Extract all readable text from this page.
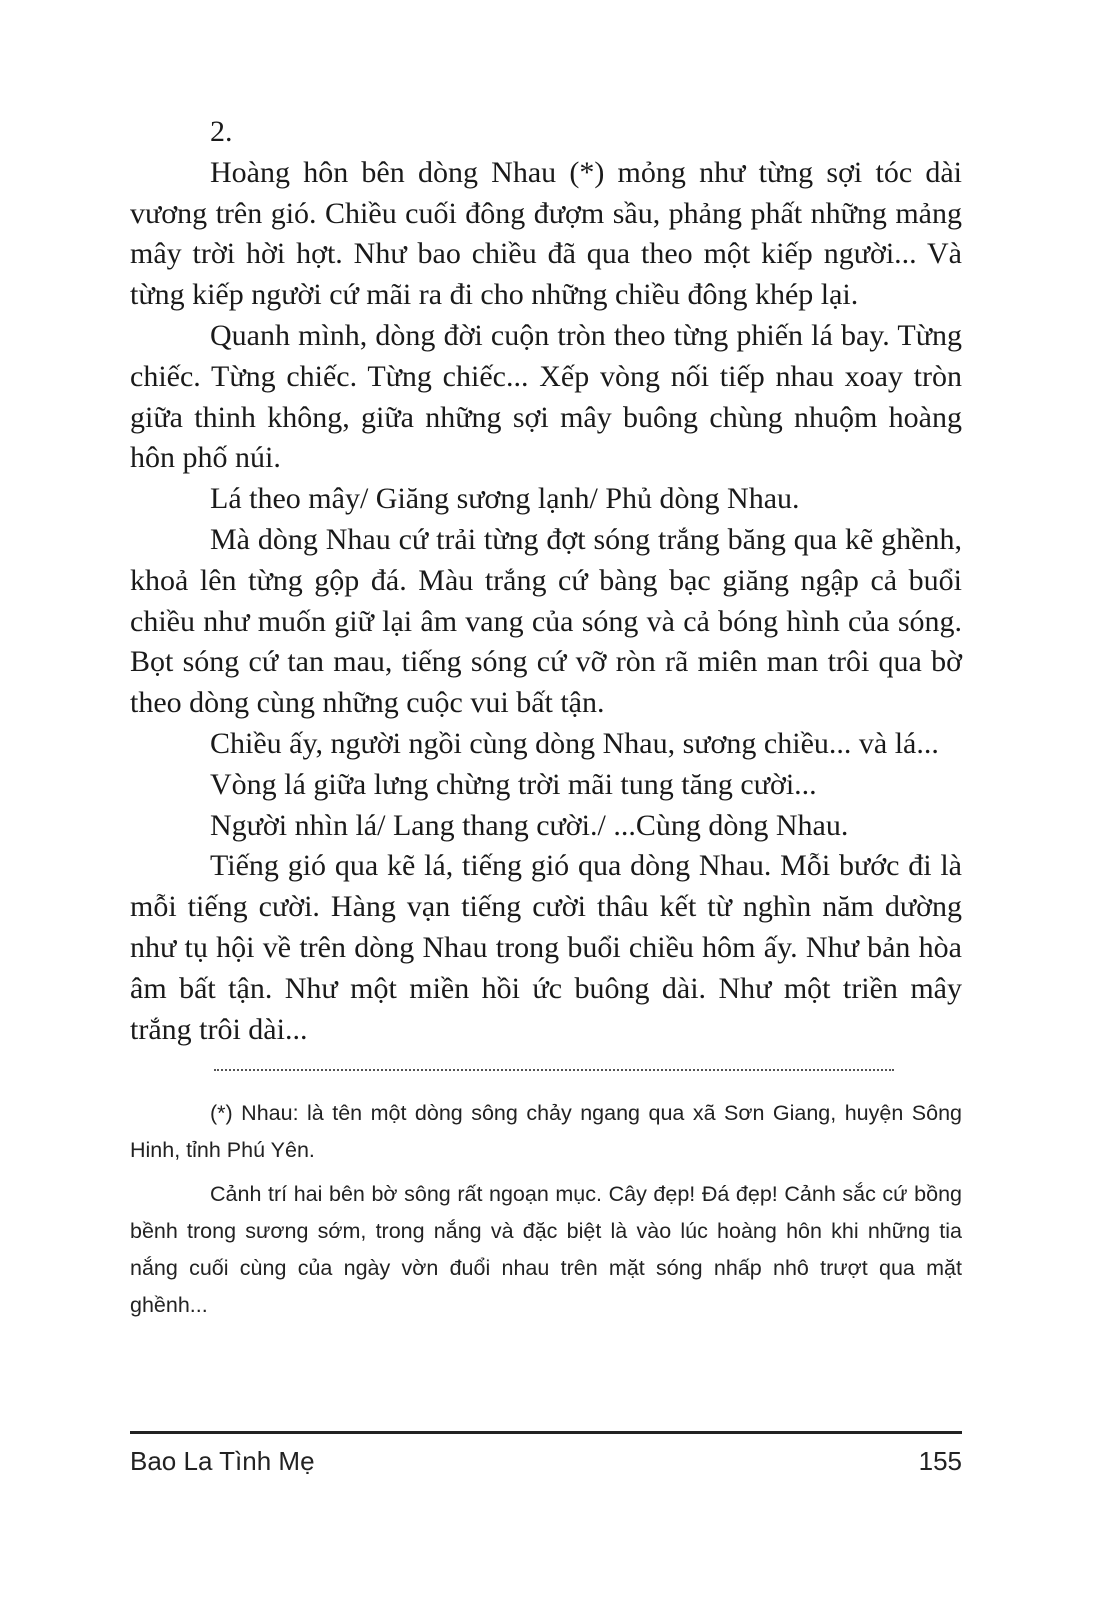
2.

Hoàng hôn bên dòng Nhau (*) mỏng như từng sợi tóc dài vương trên gió. Chiều cuối đông đượm sầu, phảng phất những mảng mây trời hời hợt. Như bao chiều đã qua theo một kiếp người... Và từng kiếp người cứ mãi ra đi cho những chiều đông khép lại.

Quanh mình, dòng đời cuộn tròn theo từng phiến lá bay. Từng chiếc. Từng chiếc. Từng chiếc... Xếp vòng nối tiếp nhau xoay tròn giữa thinh không, giữa những sợi mây buông chùng nhuộm hoàng hôn phố núi.

Lá theo mây/ Giăng sương lạnh/ Phủ dòng Nhau.

Mà dòng Nhau cứ trải từng đợt sóng trắng băng qua kẽ ghềnh, khoả lên từng gộp đá. Màu trắng cứ bàng bạc giăng ngập cả buổi chiều như muốn giữ lại âm vang của sóng và cả bóng hình của sóng. Bọt sóng cứ tan mau, tiếng sóng cứ vỡ ròn rã miên man trôi qua bờ theo dòng cùng những cuộc vui bất tận.

Chiều ấy, người ngồi cùng dòng Nhau, sương chiều... và lá...

Vòng lá giữa lưng chừng trời mãi tung tăng cười...

Người nhìn lá/ Lang thang cười./ ...Cùng dòng Nhau.

Tiếng gió qua kẽ lá, tiếng gió qua dòng Nhau. Mỗi bước đi là mỗi tiếng cười. Hàng vạn tiếng cười thâu kết từ nghìn năm dường như tụ hội về trên dòng Nhau trong buổi chiều hôm ấy. Như bản hòa âm bất tận. Như một miền hồi ức buông dài. Như một triền mây trắng trôi dài...

(*) Nhau: là tên một dòng sông chảy ngang qua xã Sơn Giang, huyện Sông Hinh, tỉnh Phú Yên.

Cảnh trí hai bên bờ sông rất ngoạn mục. Cây đẹp! Đá đẹp! Cảnh sắc cứ bồng bềnh trong sương sớm, trong nắng và đặc biệt là vào lúc hoàng hôn khi những tia nắng cuối cùng của ngày vờn đuổi nhau trên mặt sóng nhấp nhô trượt qua mặt ghềnh...

Bao La Tình Mẹ	155
